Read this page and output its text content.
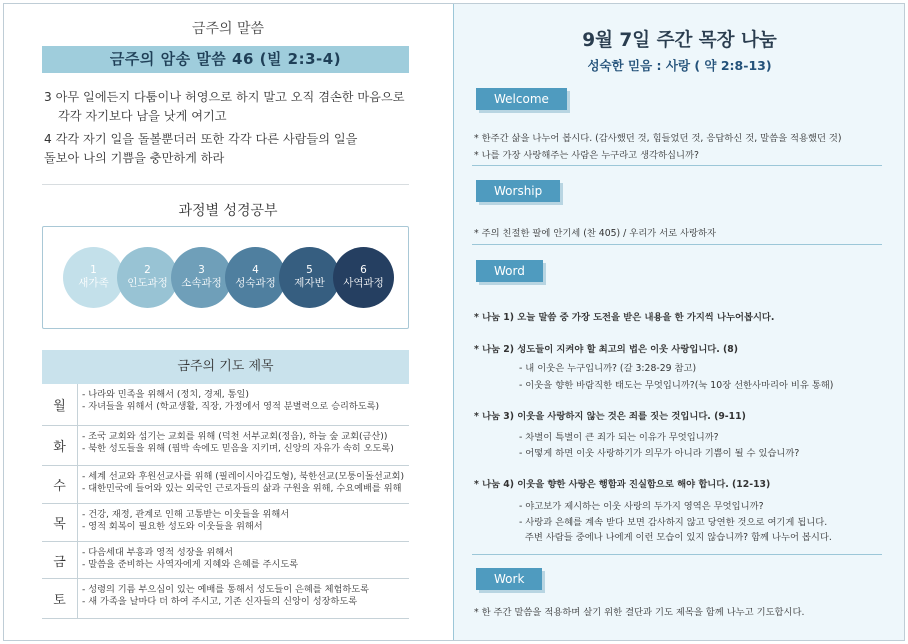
금주의 말씀
금주의 암송 말씀 46 (빌 2:3-4)
3 아무 일에든지 다툼이나 허영으로 하지 말고 오직 겸손한 마음으로
각각 자기보다 남을 낫게 여기고
4 각각 자기 일을 돌볼뿐더러 또한 각각 다른 사람들의 일을
돌보아 나의 기쁨을 충만하게 하라
과정별 성경공부
1
새가족
2
인도과정
3
소속과정
4
성숙과정
5
제자반
6
사역과정
금주의 기도 제목
월
- 나라와 민족을 위해서 (정치, 경제, 통일)
- 자녀들을 위해서 (학교생활, 직장, 가정에서 영적 분별력으로 승리하도록)
화
- 조국 교회와 섬기는 교회를 위해 (덕천 서부교회(정읍), 하늘 숲 교회(금산))
- 북한 성도들을 위해 (핍박 속에도 믿음을 지키며, 신앙의 자유가 속히 오도록)
수
- 세계 선교와 후원선교사를 위해 (필레이시아김도형), 북한선교(모퉁이돌선교회)
- 대한민국에 들어와 있는 외국인 근로자들의 삶과 구원을 위해, 수요예배를 위해
목
- 건강, 재정, 관계로 인해 고통받는 이웃들을 위해서
- 영적 회복이 필요한 성도와 이웃들을 위해서
금
- 다음세대 부흥과 영적 성장을 위해서
- 말씀을 준비하는 사역자에게 지혜와 은혜를 주시도록
토
- 성령의 기름 부으심이 있는 예배를 통해서 성도들이 은혜를 체험하도록
- 새 가족을 날마다 더 하여 주시고, 기존 신자들의 신앙이 성장하도록
9월 7일 주간 목장 나눔
성숙한 믿음 : 사랑 ( 약 2:8-13)
Welcome
* 한주간 삶을 나누어 봅시다. (감사했던 것, 힘들었던 것, 응답하신 것, 말씀을 적용했던 것)
* 나를 가장 사랑해주는 사람은 누구라고 생각하십니까?
Worship
* 주의 친절한 팔에 안기세 (찬 405) / 우리가 서로 사랑하자
Word
* 나눔 1) 오늘 말씀 중 가장 도전을 받은 내용을 한 가지씩 나누어봅시다.
* 나눔 2) 성도들이 지켜야 할 최고의 법은 이웃 사랑입니다. (8)
- 내 이웃은 누구입니까? (갈 3:28-29 참고)
- 이웃을 향한 바람직한 태도는 무엇입니까?(눅 10장 선한사마리아 비유 통해)
* 나눔 3) 이웃을 사랑하지 않는 것은 죄를 짓는 것입니다. (9-11)
- 차별이 특별이 큰 죄가 되는 이유가 무엇입니까?
- 어떻게 하면 이웃 사랑하기가 의무가 아니라 기쁨이 될 수 있습니까?
* 나눔 4) 이웃을 향한 사랑은 행함과 진실함으로 해야 합니다. (12-13)
- 야고보가 제시하는 이웃 사랑의 두가지 영역은 무엇입니까?
- 사랑과 은혜를 계속 받다 보면 감사하지 않고 당연한 것으로 여기게 됩니다.
주변 사람들 중에나 나에게 이런 모습이 있지 않습니까? 함께 나누어 봅시다.
Work
* 한 주간 말씀을 적용하며 살기 위한 결단과 기도 제목을 함께 나누고 기도합시다.
